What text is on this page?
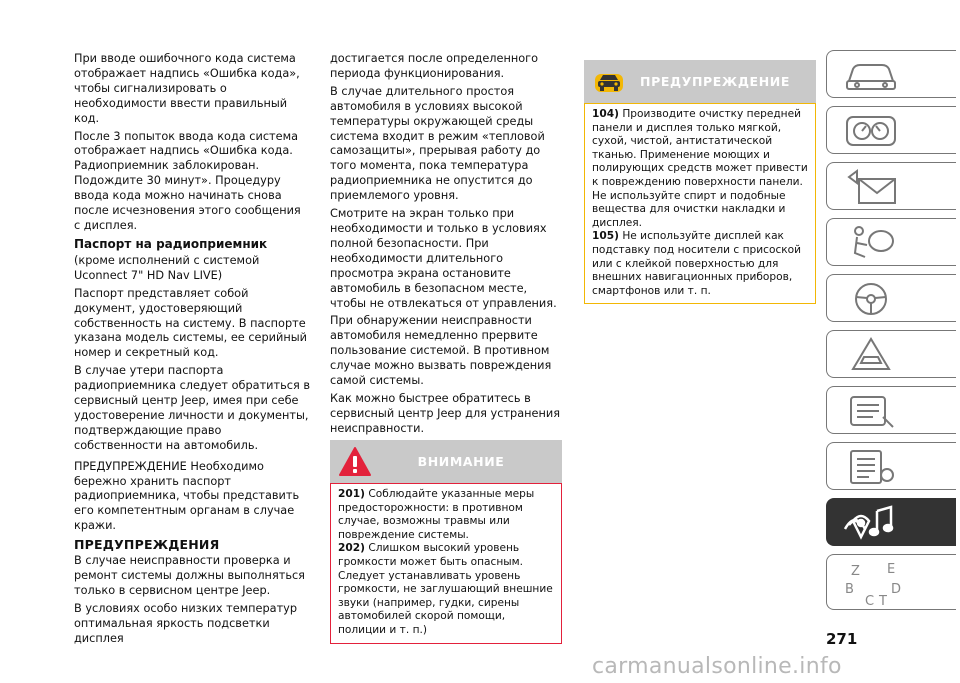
При вводе ошибочного кода система отображает надпись «Ошибка кода», чтобы сигнализировать о необходимости ввести правильный код.

После 3 попыток ввода кода система отображает надпись «Ошибка кода. Радиоприемник заблокирован. Подождите 30 минут». Процедуру ввода кода можно начинать снова после исчезновения этого сообщения с дисплея.

Паспорт на радиоприемник

(кроме исполнений с системой Uconnect 7" HD Nav LIVE)

Паспорт представляет собой документ, удостоверяющий собственность на систему. В паспорте указана модель системы, ее серийный номер и секретный код.

В случае утери паспорта радиоприемника следует обратиться в сервисный центр Jeep, имея при себе удостоверение личности и документы, подтверждающие право собственности на автомобиль.

ПРЕДУПРЕЖДЕНИЕ Необходимо бережно хранить паспорт радиоприемника, чтобы представить его компетентным органам в случае кражи.

ПРЕДУПРЕЖДЕНИЯ

В случае неисправности проверка и ремонт системы должны выполняться только в сервисном центре Jeep.

В условиях особо низких температур оптимальная яркость подсветки дисплея

достигается после определенного периода функционирования.

В случае длительного простоя автомобиля в условиях высокой температуры окружающей среды система входит в режим «тепловой самозащиты», прерывая работу до того момента, пока температура радиоприемника не опустится до приемлемого уровня.

Смотрите на экран только при необходимости и только в условиях полной безопасности. При необходимости длительного просмотра экрана остановите автомобиль в безопасном месте, чтобы не отвлекаться от управления.

При обнаружении неисправности автомобиля немедленно прервите пользование системой. В противном случае можно вызвать повреждения самой системы.

Как можно быстрее обратитесь в сервисный центр Jeep для устранения неисправности.

ВНИМАНИЕ

201) Соблюдайте указанные меры предосторожности: в противном случае, возможны травмы или повреждение системы.

202) Слишком высокий уровень громкости может быть опасным. Следует устанавливать уровень громкости, не заглушающий внешние звуки (например, гудки, сирены автомобилей скорой помощи, полиции и т. п.)

ПРЕДУПРЕЖДЕНИЕ

104) Производите очистку передней панели и дисплея только мягкой, сухой, чистой, антистатической тканью. Применение моющих и полирующих средств может привести к повреждению поверхности панели. Не используйте спирт и подобные вещества для очистки накладки и дисплея.

105) Не используйте дисплей как подставку под носители с присоской или с клейкой поверхностью для внешних навигационных приборов, смартфонов или т. п.

Z E
B
C T
D
271
carmanualsonline.info
